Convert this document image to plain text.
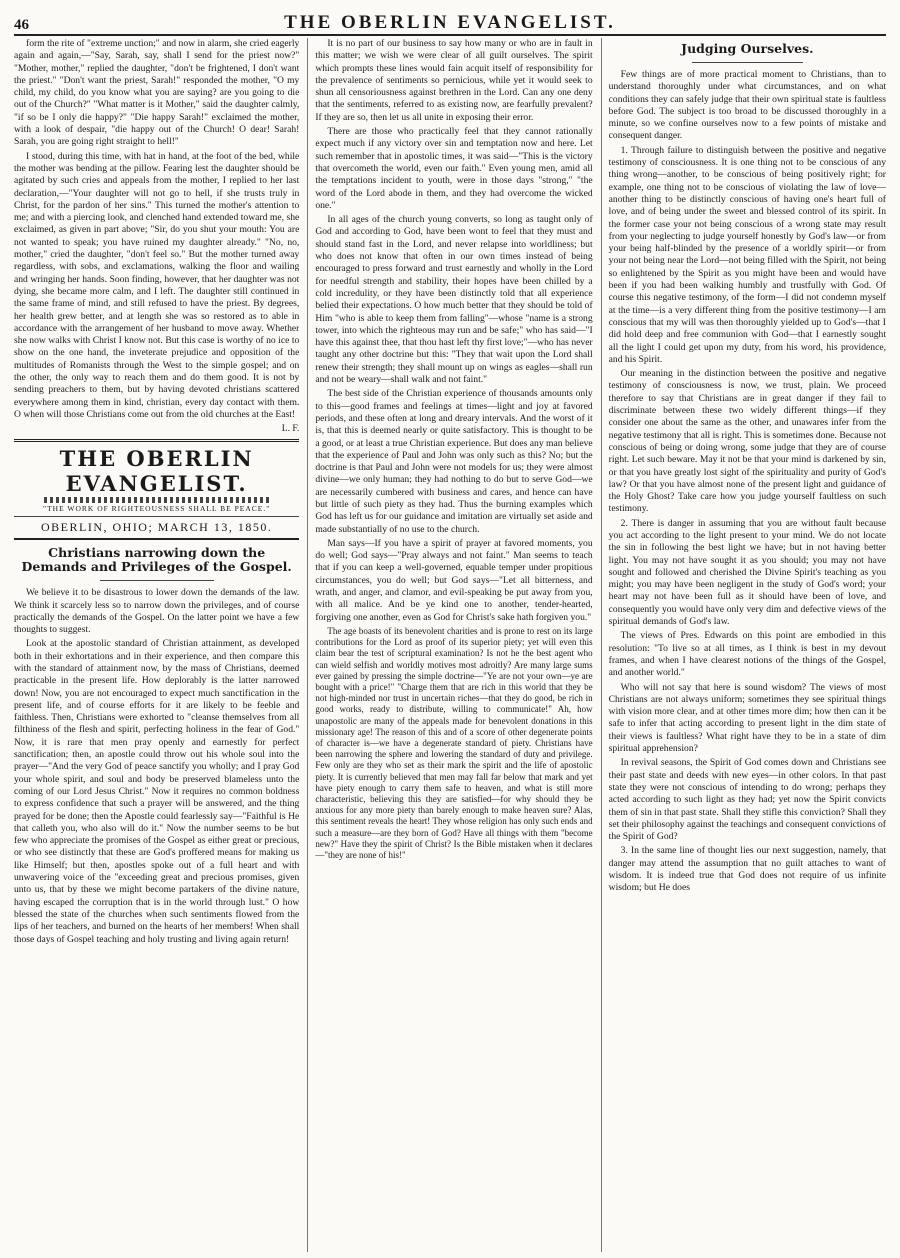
46	THE OBERLIN EVANGELIST.

form the rite of "extreme unction;" and now in alarm, she cried eagerly again and again,—"Say, Sarah, say, shall I send for the priest now?" "Mother, mother," replied the daughter, "don't be frightened, I don't want the priest." "Don't want the priest, Sarah!" responded the mother, "O my child, my child, do you know what you are saying? are you going to die out of the Church?" "What matter is it Mother," said the daughter calmly, "if so be I only die happy?" "Die happy Sarah!" exclaimed the mother, with a look of despair, "die happy out of the Church! O dear! Sarah! Sarah, you are going right straight to hell!"

I stood, during this time, with hat in hand, at the foot of the bed, while the mother was bending at the pillow. Fearing lest the daughter should be agitated by such cries and appeals from the mother, I replied to her last declaration,—"Your daughter will not go to hell, if she trusts truly in Christ, for the pardon of her sins." This turned the mother's attention to me; and with a piercing look, and clenched hand extended toward me, she exclaimed, as given in part above; "Sir, do you shut your mouth: You are not wanted to speak; you have ruined my daughter already." "No, no, mother," cried the daughter, "don't feel so." But the mother turned away regardless, with sobs, and exclamations, walking the floor and wailing and wringing her hands. Soon finding, however, that her daughter was not dying, she became more calm, and I left. The daughter still continued in the same frame of mind, and still refused to have the priest. By degrees, her health grew better, and at length she was so restored as to able in accordance with the arrangement of her husband to move away. Whether she now walks with Christ I know not. But this case is worthy of no ice to show on the one hand, the inveterate prejudice and opposition of the multitudes of Romanists through the West to the simple gospel; and on the other, the only way to reach them and do them good. It is not by sending preachers to them, but by having devoted christians scattered everywhere among them in kind, christian, every day contact with them. O when will those Christians come out from the old churches at the East!

L. F.
THE OBERLIN EVANGELIST.
"THE WORK OF RIGHTEOUSNESS SHALL BE PEACE."
OBERLIN, OHIO; MARCH 13, 1850.
Christians narrowing down the Demands and Privileges of the Gospel.

We believe it to be disastrous to lower down the demands of the law. We think it scarcely less so to narrow down the privileges, and of course practically the demands of the Gospel. On the latter point we have a few thoughts to suggest.

Look at the apostolic standard of Christian attainment, as developed both in their exhortations and in their experience, and then compare this with the standard of attainment now, by the mass of Christians, deemed practicable in the present life. How deplorably is the latter narrowed down! Now, you are not encouraged to expect much sanctification in the present life, and of course efforts for it are likely to be feeble and faithless. Then, Christians were exhorted to "cleanse themselves from all filthiness of the flesh and spirit, perfecting holiness in the fear of God." Now, it is rare that men pray openly and earnestly for perfect sanctification; then, an apostle could throw out his whole soul into the prayer—"And the very God of peace sanctify you wholly; and I pray God your whole spirit, and soul and body be preserved blameless unto the coming of our Lord Jesus Christ." Now it requires no common boldness to express confidence that such a prayer will be answered, and the thing prayed for be done; then the Apostle could fearlessly say—"Faithful is He that calleth you, who also will do it." Now the number seems to be but few who appreciate the promises of the Gospel as either great or precious, or who see distinctly that these are God's proffered means for making us like Himself; but then, apostles spoke out of a full heart and with unwavering voice of the "exceeding great and precious promises, given unto us, that by these we might become partakers of the divine nature, having escaped the corruption that is in the world through lust." O how blessed the state of the churches when such sentiments flowed from the lips of her teachers, and burned on the hearts of her members! When shall those days of Gospel teaching and holy trusting and living again return!

It is no part of our business to say how many or who are in fault in this matter; we wish we were clear of all guilt ourselves. The spirit which prompts these lines would fain acquit itself of responsibility for the prevalence of sentiments so pernicious, while yet it would seek to shun all censoriousness against brethren in the Lord. Can any one deny that the sentiments, referred to as existing now, are fearfully prevalent? If they are so, then let us all unite in exposing their error.

There are those who practically feel that they cannot rationally expect much if any victory over sin and temptation now and here. Let such remember that in apostolic times, it was said—"This is the victory that overcometh the world, even our faith." Even young men, amid all the temptations incident to youth, were in those days "strong," "the word of the Lord abode in them, and they had overcome the wicked one."

In all ages of the church young converts, so long as taught only of God and according to God, have been wont to feel that they must and should stand fast in the Lord, and never relapse into worldliness; but who does not know that often in our own times instead of being encouraged to press forward and trust earnestly and wholly in the Lord for needful strength and stability, their hopes have been chilled by a cold incredulity, or they have been distinctly told that all experience belied their expectations. O how much better that they should be told of Him "who is able to keep them from falling"—whose "name is a strong tower, into which the righteous may run and be safe;" who has said—"I have this against thee, that thou hast left thy first love;"—who has never taught any other doctrine but this: "They that wait upon the Lord shall renew their strength; they shall mount up on wings as eagles—shall run and not be weary—shall walk and not faint."

The best side of the Christian experience of thousands amounts only to this—good frames and feelings at times—light and joy at favored periods, and these often at long and dreary intervals. And the worst of it is, that this is deemed nearly or quite satisfactory. This is thought to be a good, or at least a true Christian experience. But does any man believe that the experience of Paul and John was only such as this? No; but the doctrine is that Paul and John were not models for us; they were almost divine—we only human; they had nothing to do but to serve God—we are necessarily cumbered with business and cares, and hence can have but little of such piety as they had. Thus the burning examples which God has left us for our guidance and imitation are virtually set aside and made substantially of no use to the church.

Man says—If you have a spirit of prayer at favored moments, you do well; God says—"Pray always and not faint." Man seems to teach that if you can keep a well-governed, equable temper under propitious circumstances, you do well; but God says—"Let all bitterness, and wrath, and anger, and clamor, and evil-speaking be put away from you, with all malice. And be ye kind one to another, tender-hearted, forgiving one another, even as God for Christ's sake hath forgiven you."

The age boasts of its benevolent charities and is prone to rest on its large contributions for the Lord as proof of its superior piety; yet will even this claim bear the test of scriptural examination? Is not he the best agent who can wield selfish and worldly motives most adroitly? Are many large sums ever gained by pressing the simple doctrine—"Ye are not your own—ye are bought with a price!" "Charge them that are rich in this world that they be not high-minded nor trust in uncertain riches—that they do good, be rich in good works, ready to distribute, willing to communicate!" Ah, how unapostolic are many of the appeals made for benevolent donations in this missionary age! The reason of this and of a score of other degenerate points of character is—we have a degenerate standard of piety. Christians have been narrowing the sphere and lowering the standard of duty and privilege. Few only are they who set as their mark the spirit and the life of apostolic piety. It is currently believed that men may fall far below that mark and yet have piety enough to carry them safe to heaven, and what is still more characteristic, believing this they are satisfied—for why should they be anxious for any more piety than barely enough to make heaven sure? Alas, this sentiment reveals the heart! They whose religion has only such ends and such a measure—are they born of God? Have all things with them "become new?" Have they the spirit of Christ? Is the Bible mistaken when it declares—"they are none of his!"

Judging Ourselves.

Few things are of more practical moment to Christians, than to understand thoroughly under what circumstances, and on what conditions they can safely judge that their own spiritual state is faultless before God. The subject is too broad to be discussed thoroughly in a minute, so we confine ourselves now to a few points of mistake and consequent danger.

1. Through failure to distinguish between the positive and negative testimony of consciousness. It is one thing not to be conscious of any thing wrong—another, to be conscious of being positively right; for example, one thing not to be conscious of violating the law of love—another thing to be distinctly conscious of having one's heart full of love, and of being under the sweet and blessed control of its spirit. In the former case your not being conscious of a wrong state may result from your neglecting to judge yourself honestly by God's law—or from your being half-blinded by the presence of a worldly spirit—or from your not being near the Lord—not being filled with the Spirit, not being so enlightened by the Spirit as you might have been and would have been if you had been walking humbly and trustfully with God. Of course this negative testimony, of the form—I did not condemn myself at the time—is a very different thing from the positive testimony—I am conscious that my will was then thoroughly yielded up to God's—that I did hold deep and free communion with God—that I earnestly sought all the light I could get upon my duty, from his word, his providence, and his Spirit.

Our meaning in the distinction between the positive and negative testimony of consciousness is now, we trust, plain. We proceed therefore to say that Christians are in great danger if they fail to discriminate between these two widely different things—if they consider one about the same as the other, and unawares infer from the negative testimony that all is right. This is sometimes done. Because not conscious of being or doing wrong, some judge that they are of course right. Let such beware. May it not be that your mind is darkened by sin, or that you have greatly lost sight of the spirituality and purity of God's law? Or that you have almost none of the present light and guidance of the Holy Ghost? Take care how you judge yourself faultless on such testimony.

2. There is danger in assuming that you are without fault because you act according to the light present to your mind. We do not locate the sin in following the best light we have; but in not having better light. You may not have sought it as you should; you may not have sought and followed and cherished the Divine Spirit's teaching as you might; you may have been negligent in the study of God's word; your heart may not have been full as it should have been of love, and consequently you would have only very dim and defective views of the spiritual demands of God's law.

The views of Pres. Edwards on this point are embodied in this resolution: "To live so at all times, as I think is best in my devout frames, and when I have clearest notions of the things of the Gospel, and another world."

Who will not say that here is sound wisdom? The views of most Christians are not always uniform; sometimes they see spiritual things with vision more clear, and at other times more dim; how then can it be safe to infer that acting according to present light in the dim state of their views is faultless? What right have they to be in a state of dim spiritual apprehension?

In revival seasons, the Spirit of God comes down and Christians see their past state and deeds with new eyes—in other colors. In that past state they were not conscious of intending to do wrong; perhaps they acted according to such light as they had; yet now the Spirit convicts them of sin in that past state. Shall they stifle this conviction? Shall they set their philosophy against the teachings and consequent convictions of the Spirit of God?

3. In the same line of thought lies our next suggestion, namely, that danger may attend the assumption that no guilt attaches to want of wisdom. It is indeed true that God does not require of us infinite wisdom; but He does
